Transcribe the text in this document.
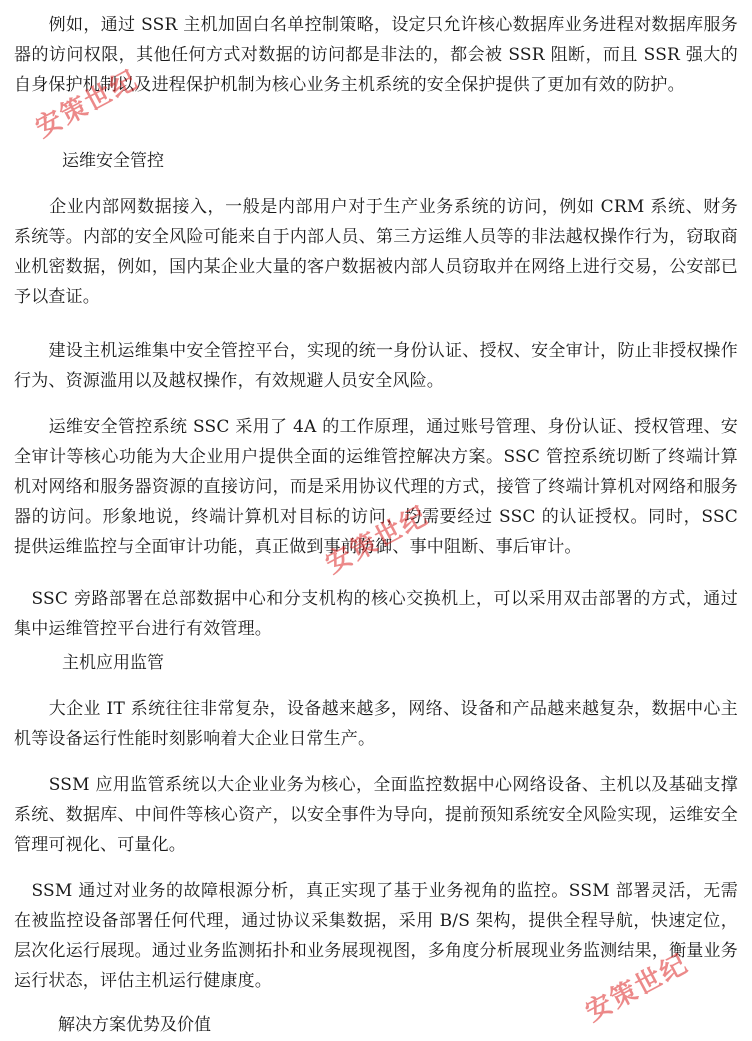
　　例如，通过 SSR 主机加固白名单控制策略，设定只允许核心数据库业务进程对数据库服务器的访问权限，其他任何方式对数据的访问都是非法的，都会被 SSR 阻断，而且 SSR 强大的自身保护机制以及进程保护机制为核心业务主机系统的安全保护提供了更加有效的防护。

运维安全管控

　　企业内部网数据接入，一般是内部用户对于生产业务系统的访问，例如 CRM 系统、财务系统等。内部的安全风险可能来自于内部人员、第三方运维人员等的非法越权操作行为，窃取商业机密数据，例如，国内某企业大量的客户数据被内部人员窃取并在网络上进行交易，公安部已予以查证。

　　建设主机运维集中安全管控平台，实现的统一身份认证、授权、安全审计，防止非授权操作行为、资源滥用以及越权操作，有效规避人员安全风险。

　　运维安全管控系统 SSC 采用了 4A 的工作原理，通过账号管理、身份认证、授权管理、安全审计等核心功能为大企业用户提供全面的运维管控解决方案。SSC 管控系统切断了终端计算机对网络和服务器资源的直接访问，而是采用协议代理的方式，接管了终端计算机对网络和服务器的访问。形象地说，终端计算机对目标的访问，均需要经过 SSC 的认证授权。同时，SSC 提供运维监控与全面审计功能，真正做到事前防御、事中阻断、事后审计。

　SSC 旁路部署在总部数据中心和分支机构的核心交换机上，可以采用双击部署的方式，通过集中运维管控平台进行有效管理。

主机应用监管

　　大企业 IT 系统往往非常复杂，设备越来越多，网络、设备和产品越来越复杂，数据中心主机等设备运行性能时刻影响着大企业日常生产。

　　SSM 应用监管系统以大企业业务为核心，全面监控数据中心网络设备、主机以及基础支撑系统、数据库、中间件等核心资产，以安全事件为导向，提前预知系统安全风险实现，运维安全管理可视化、可量化。

　SSM 通过对业务的故障根源分析，真正实现了基于业务视角的监控。SSM 部署灵活，无需在被监控设备部署任何代理，通过协议采集数据，采用 B/S 架构，提供全程导航，快速定位，层次化运行展现。通过业务监测拓扑和业务展现视图，多角度分析展现业务监测结果，衡量业务运行状态，评估主机运行健康度。

解决方案优势及价值

安策世纪
安策世纪
安策世纪
